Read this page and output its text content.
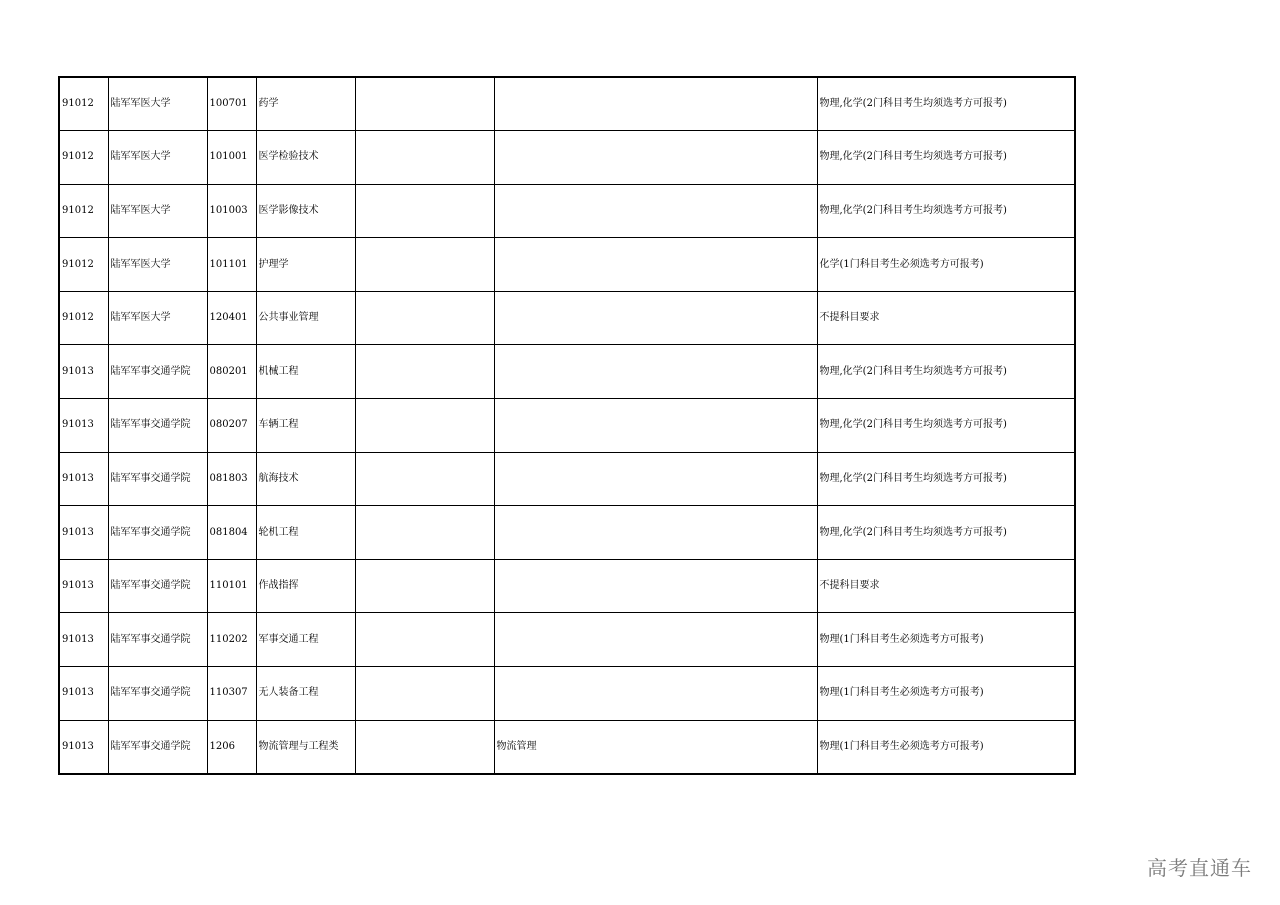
91012	陆军军医大学	100701	药学			物理,化学(2门科目考生均须选考方可报考)
91012	陆军军医大学	101001	医学检验技术			物理,化学(2门科目考生均须选考方可报考)
91012	陆军军医大学	101003	医学影像技术			物理,化学(2门科目考生均须选考方可报考)
91012	陆军军医大学	101101	护理学			化学(1门科目考生必须选考方可报考)
91012	陆军军医大学	120401	公共事业管理			不提科目要求
91013	陆军军事交通学院	080201	机械工程			物理,化学(2门科目考生均须选考方可报考)
91013	陆军军事交通学院	080207	车辆工程			物理,化学(2门科目考生均须选考方可报考)
91013	陆军军事交通学院	081803	航海技术			物理,化学(2门科目考生均须选考方可报考)
91013	陆军军事交通学院	081804	轮机工程			物理,化学(2门科目考生均须选考方可报考)
91013	陆军军事交通学院	110101	作战指挥			不提科目要求
91013	陆军军事交通学院	110202	军事交通工程			物理(1门科目考生必须选考方可报考)
91013	陆军军事交通学院	110307	无人装备工程			物理(1门科目考生必须选考方可报考)
91013	陆军军事交通学院	1206	物流管理与工程类		物流管理	物理(1门科目考生必须选考方可报考)
高考直通车
